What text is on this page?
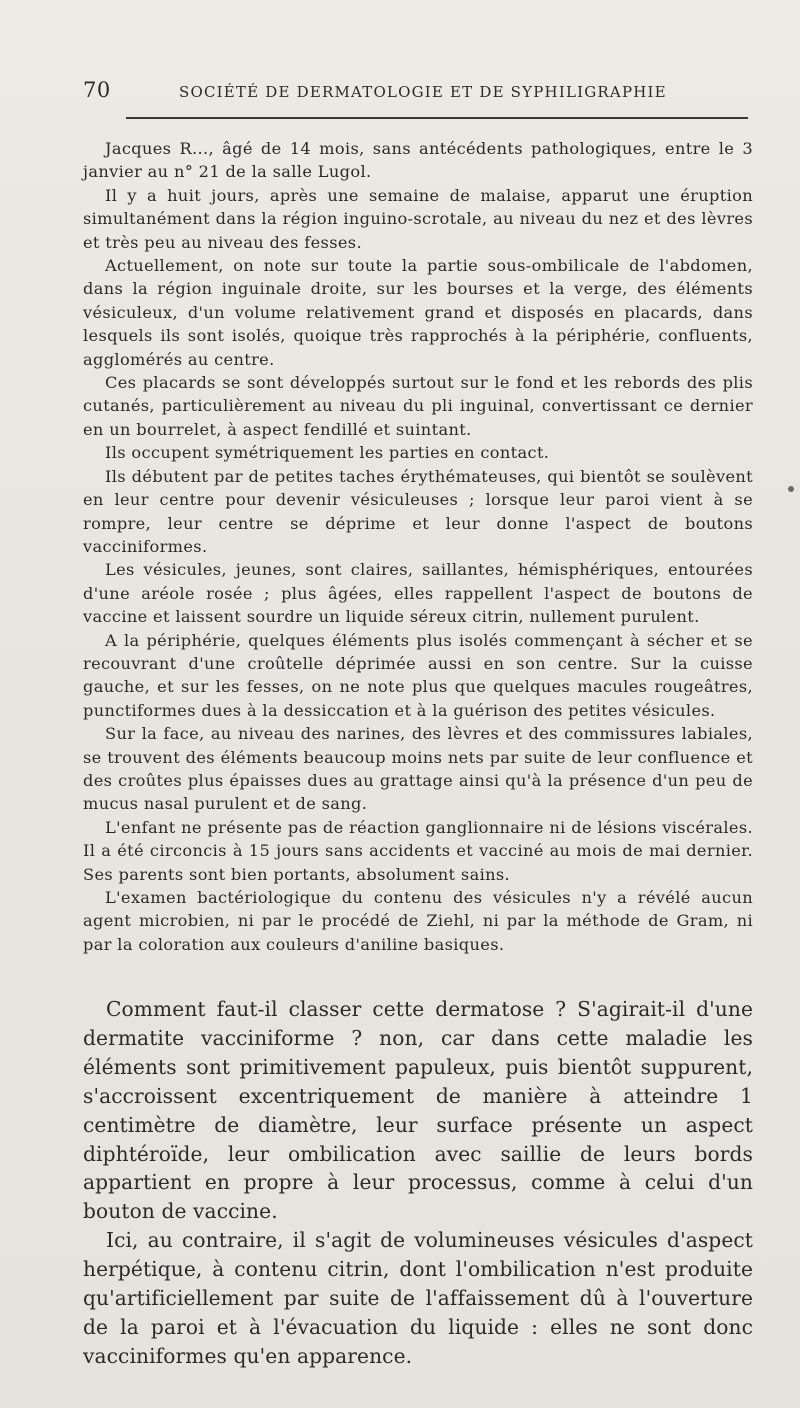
70	SOCIÉTÉ DE DERMATOLOGIE ET DE SYPHILIGRAPHIE

Jacques R..., âgé de 14 mois, sans antécédents pathologiques, entre le 3 janvier au n° 21 de la salle Lugol.

Il y a huit jours, après une semaine de malaise, apparut une éruption simultanément dans la région inguino-scrotale, au niveau du nez et des lèvres et très peu au niveau des fesses.

Actuellement, on note sur toute la partie sous-ombilicale de l'abdomen, dans la région inguinale droite, sur les bourses et la verge, des éléments vésiculeux, d'un volume relativement grand et disposés en placards, dans lesquels ils sont isolés, quoique très rapprochés à la périphérie, confluents, agglomérés au centre.

Ces placards se sont développés surtout sur le fond et les rebords des plis cutanés, particulièrement au niveau du pli inguinal, convertissant ce dernier en un bourrelet, à aspect fendillé et suintant.

Ils occupent symétriquement les parties en contact.

Ils débutent par de petites taches érythémateuses, qui bientôt se soulèvent en leur centre pour devenir vésiculeuses ; lorsque leur paroi vient à se rompre, leur centre se déprime et leur donne l'aspect de boutons vacciniformes.

Les vésicules, jeunes, sont claires, saillantes, hémisphériques, entourées d'une aréole rosée ; plus âgées, elles rappellent l'aspect de boutons de vaccine et laissent sourdre un liquide séreux citrin, nullement purulent.

A la périphérie, quelques éléments plus isolés commençant à sécher et se recouvrant d'une croûtelle déprimée aussi en son centre. Sur la cuisse gauche, et sur les fesses, on ne note plus que quelques macules rougeâtres, punctiformes dues à la dessiccation et à la guérison des petites vésicules.

Sur la face, au niveau des narines, des lèvres et des commissures labiales, se trouvent des éléments beaucoup moins nets par suite de leur confluence et des croûtes plus épaisses dues au grattage ainsi qu'à la présence d'un peu de mucus nasal purulent et de sang.

L'enfant ne présente pas de réaction ganglionnaire ni de lésions viscérales. Il a été circoncis à 15 jours sans accidents et vacciné au mois de mai dernier. Ses parents sont bien portants, absolument sains.

L'examen bactériologique du contenu des vésicules n'y a révélé aucun agent microbien, ni par le procédé de Ziehl, ni par la méthode de Gram, ni par la coloration aux couleurs d'aniline basiques.

Comment faut-il classer cette dermatose ? S'agirait-il d'une dermatite vacciniforme ? non, car dans cette maladie les éléments sont primitivement papuleux, puis bientôt suppurent, s'accroissent excentriquement de manière à atteindre 1 centimètre de diamètre, leur surface présente un aspect diphtéroïde, leur ombilication avec saillie de leurs bords appartient en propre à leur processus, comme à celui d'un bouton de vaccine.

Ici, au contraire, il s'agit de volumineuses vésicules d'aspect herpétique, à contenu citrin, dont l'ombilication n'est produite qu'artificiellement par suite de l'affaissement dû à l'ouverture de la paroi et à l'évacuation du liquide : elles ne sont donc vacciniformes qu'en apparence.
